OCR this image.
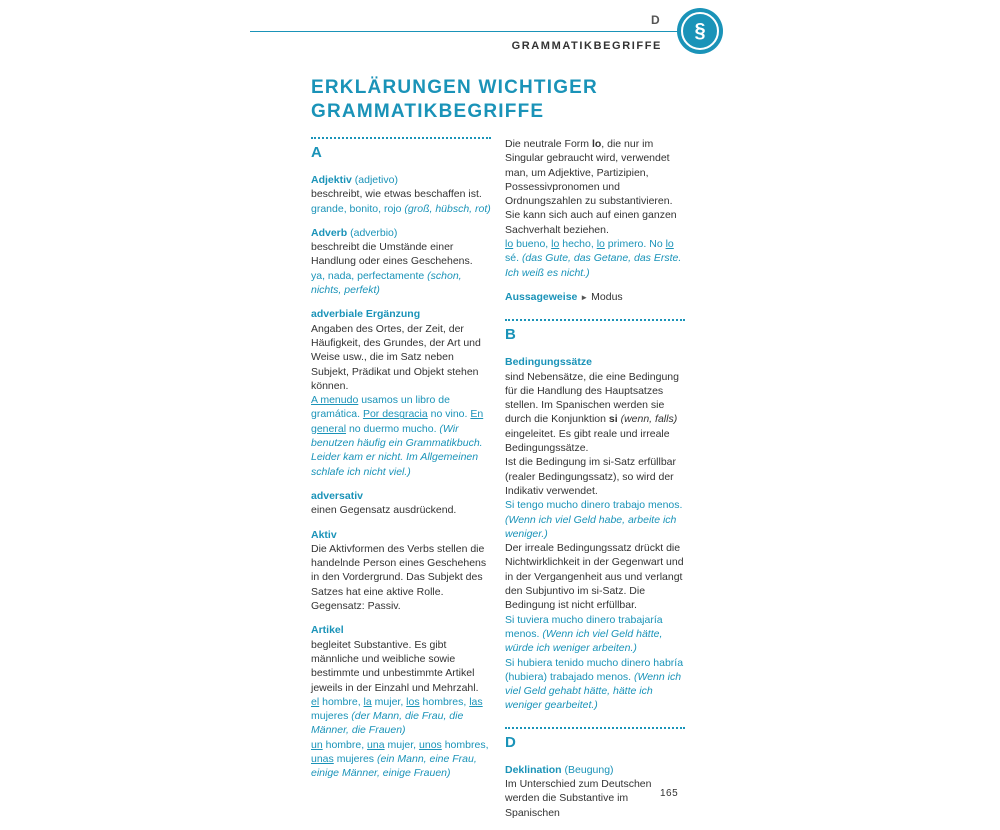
D
GRAMMATIKBEGRIFFE
§
ERKLÄRUNGEN WICHTIGER
GRAMMATIKBEGRIFFE
A
Adjektiv (adjetivo)
beschreibt, wie etwas beschaffen ist.
grande, bonito, rojo (groß, hübsch, rot)
Adverb (adverbio)
beschreibt die Umstände einer Handlung oder eines Geschehens.
ya, nada, perfectamente (schon, nichts, perfekt)
adverbiale Ergänzung
Angaben des Ortes, der Zeit, der Häufigkeit, des Grundes, der Art und Weise usw., die im Satz neben Subjekt, Prädikat und Objekt stehen können.
A menudo usamos un libro de gramática. Por desgracia no vino. En general no duermo mucho. (Wir benutzen häufig ein Grammatikbuch. Leider kam er nicht. Im Allgemeinen schlafe ich nicht viel.)
adversativ
einen Gegensatz ausdrückend.
Aktiv
Die Aktivformen des Verbs stellen die handelnde Person eines Geschehens in den Vordergrund. Das Subjekt des Satzes hat eine aktive Rolle. Gegensatz: Passiv.
Artikel
begleitet Substantive. Es gibt männliche und weibliche sowie bestimmte und unbestimmte Artikel jeweils in der Einzahl und Mehrzahl.
el hombre, la mujer, los hombres, las mujeres (der Mann, die Frau, die Männer, die Frauen)
un hombre, una mujer, unos hombres, unas mujeres (ein Mann, eine Frau, einige Männer, einige Frauen)
Die neutrale Form lo, die nur im Singular gebraucht wird, verwendet man, um Adjektive, Partizipien, Possessivpronomen und Ordnungszahlen zu substantivieren. Sie kann sich auch auf einen ganzen Sachverhalt beziehen.
lo bueno, lo hecho, lo primero. No lo sé. (das Gute, das Getane, das Erste. Ich weiß es nicht.)
Aussageweise ► Modus
B
Bedingungssätze
sind Nebensätze, die eine Bedingung für die Handlung des Hauptsatzes stellen. Im Spanischen werden sie durch die Konjunktion si (wenn, falls) eingeleitet. Es gibt reale und irreale Bedingungssätze.
Ist die Bedingung im si-Satz erfüllbar (realer Bedingungssatz), so wird der Indikativ verwendet.
Si tengo mucho dinero trabajo menos. (Wenn ich viel Geld habe, arbeite ich weniger.)
Der irreale Bedingungssatz drückt die Nichtwirklichkeit in der Gegenwart und in der Vergangenheit aus und verlangt den Subjuntivo im si-Satz. Die Bedingung ist nicht erfüllbar.
Si tuviera mucho dinero trabajaría menos. (Wenn ich viel Geld hätte, würde ich weniger arbeiten.)
Si hubiera tenido mucho dinero habría (hubiera) trabajado menos. (Wenn ich viel Geld gehabt hätte, hätte ich weniger gearbeitet.)
D
Deklination (Beugung)
Im Unterschied zum Deutschen werden die Substantive im Spanischen
165
